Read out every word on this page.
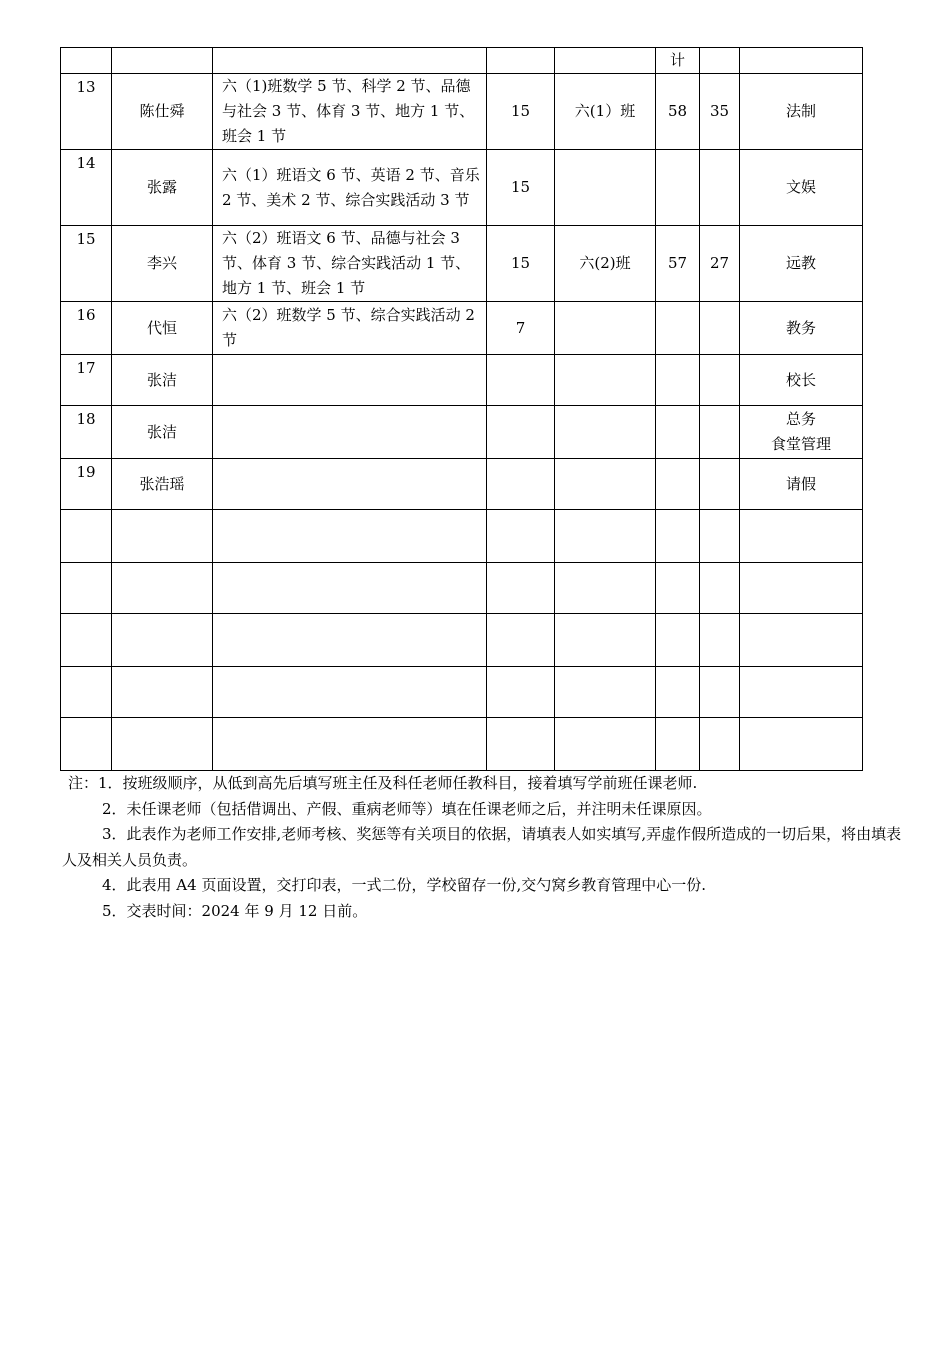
					计		
13	陈仕舜	六（1)班数学 5 节、科学 2 节、品德与社会 3 节、体育 3 节、地方 1 节、班会 1 节	15	六(1）班	58	35	法制
14	张露	六（1）班语文 6 节、英语 2 节、音乐 2 节、美术 2 节、综合实践活动 3 节	15				文娱
15	李兴	六（2）班语文 6 节、品德与社会 3 节、体育 3 节、综合实践活动 1 节、地方 1 节、班会 1 节	15	六(2)班	57	27	远教
16	代恒	六（2）班数学 5 节、综合实践活动 2 节	7				教务
17	张洁						校长
18	张洁						总务
食堂管理

19	张浩瑶						请假

注：1．按班级顺序，从低到高先后填写班主任及科任老师任教科目，接着填写学前班任课老师.

2．未任课老师（包括借调出、产假、重病老师等）填在任课老师之后，并注明未任课原因。

3．此表作为老师工作安排,老师考核、奖惩等有关项目的依据，请填表人如实填写,弄虚作假所造成的一切后果，将由填表人及相关人员负责。

4．此表用 A4 页面设置，交打印表，一式二份，学校留存一份,交勺窝乡教育管理中心一份.

5．交表时间：2024 年 9 月 12 日前。
